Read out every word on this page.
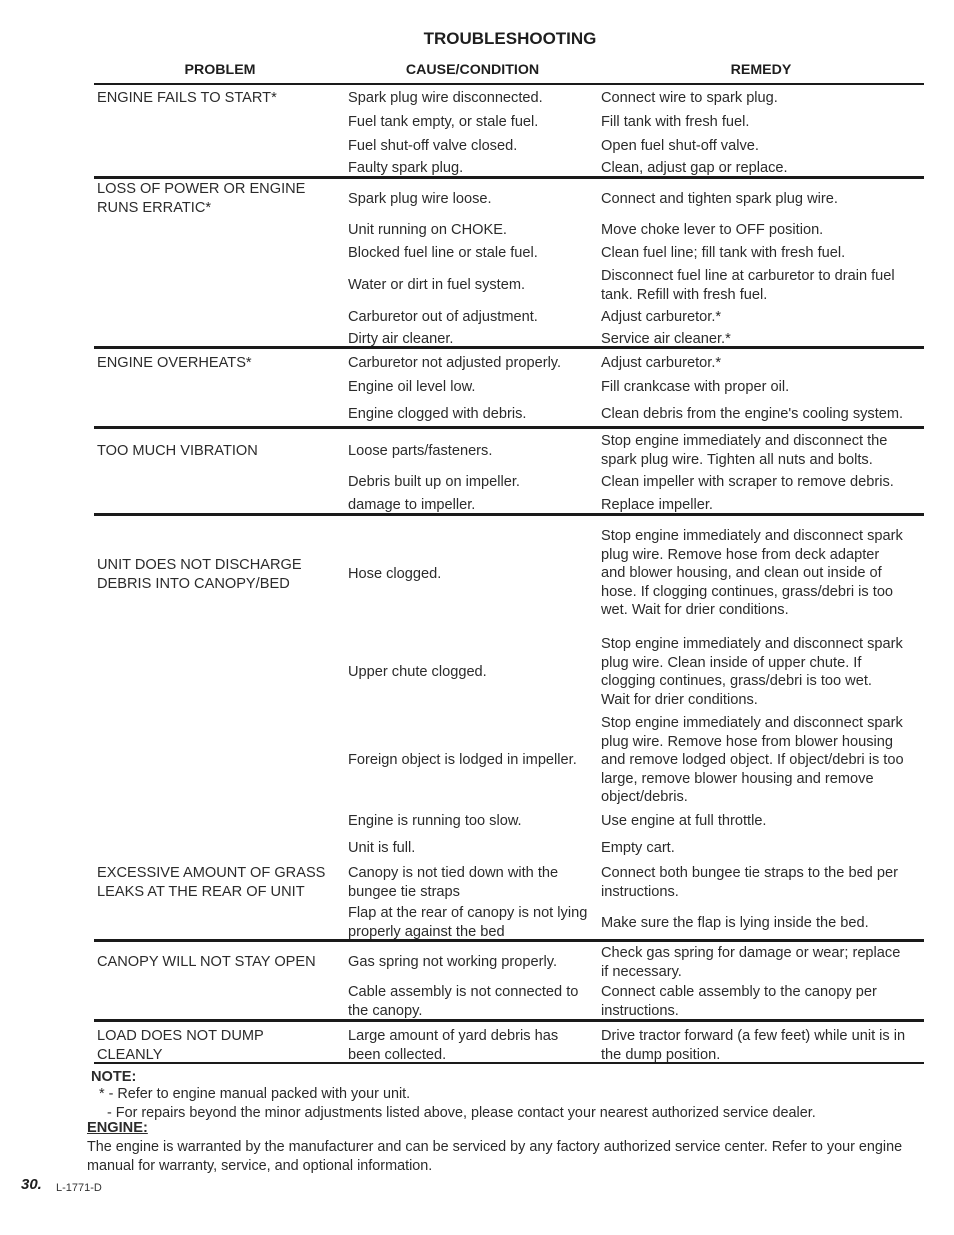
TROUBLESHOOTING
PROBLEM	CAUSE/CONDITION	REMEDY
ENGINE FAILS TO START*
LOSS OF POWER OR ENGINE
RUNS ERRATIC*
ENGINE OVERHEATS*
TOO MUCH VIBRATION
UNIT DOES NOT DISCHARGE
DEBRIS INTO CANOPY/BED
EXCESSIVE AMOUNT OF GRASS
LEAKS AT THE REAR OF UNIT
CANOPY WILL NOT STAY OPEN
LOAD DOES NOT DUMP
CLEANLY
Spark plug wire disconnected.
Fuel tank empty, or stale fuel.
Fuel shut-off valve closed.
Faulty spark plug.
Spark plug wire loose.
Unit running on CHOKE.
Blocked fuel line or stale fuel.
Water or dirt in fuel system.
Carburetor out of adjustment.
Dirty air cleaner.
Carburetor not adjusted properly.
Engine oil level low.
Engine clogged with debris.
Loose parts/fasteners.
Debris built up on impeller.
damage to impeller.
Hose clogged.
Upper chute clogged.
Foreign object is lodged in impeller.
Engine is running too slow.
Unit is full.
Canopy is not tied down with the
bungee tie straps
Flap at the rear of canopy is not lying
properly against the bed
Gas spring not working properly.
Cable assembly is not connected to
the canopy.
Large amount of yard debris has
been collected.
Connect wire to spark plug.
Fill tank with fresh fuel.
Open fuel shut-off valve.
Clean, adjust gap or replace.
Connect and tighten spark plug wire.
Move choke lever to OFF position.
Clean fuel line; fill tank with fresh fuel.
Disconnect fuel line at carburetor to drain fuel
tank. Refill with fresh fuel.
Adjust carburetor.*
Service air cleaner.*
Adjust carburetor.*
Fill crankcase with proper oil.
Clean debris from the engine's cooling system.
Stop engine immediately and disconnect the
spark plug wire. Tighten all nuts and bolts.
Clean impeller with scraper to remove debris.
Replace impeller.
Stop engine immediately and disconnect spark
plug wire. Remove hose from deck adapter
and blower housing, and clean out inside of
hose. If clogging continues, grass/debri is too
wet. Wait for drier conditions.
Stop engine immediately and disconnect spark
plug wire. Clean inside of upper chute. If
clogging continues, grass/debri is too wet.
Wait for drier conditions.
Stop engine immediately and disconnect spark
plug wire. Remove hose from blower housing
and remove lodged object. If object/debri is too
large, remove blower housing and remove
object/debris.
Use engine at full throttle.
Empty cart.
Connect both bungee tie straps to the bed per
instructions.
Make sure the flap is lying inside the bed.
Check gas spring for damage or wear; replace
if necessary.
Connect cable assembly to the canopy per
instructions.
Drive tractor forward (a few feet) while unit is in
the dump position.
NOTE:
* - Refer to engine manual packed with your unit.
- For repairs beyond the minor adjustments listed above, please contact your nearest authorized service dealer.
ENGINE:
The engine is warranted by the manufacturer and can be serviced by any factory authorized service center. Refer to your engine manual for warranty, service, and optional information.
30. L-1771-D
